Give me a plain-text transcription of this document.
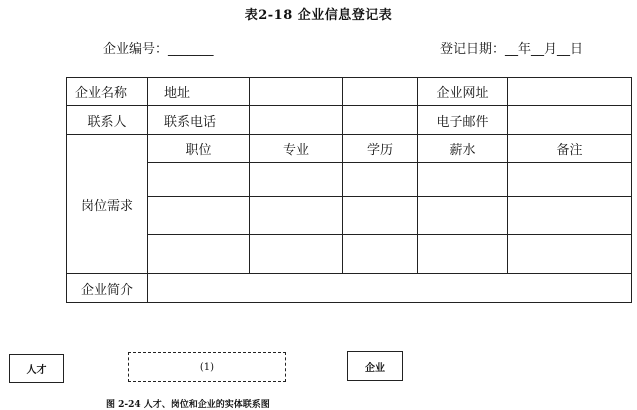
表2-18 企业信息登记表
企业编号：_______	登记日期：__年__月__日
企业名称	地址			企业网址	
联系人	联系电话			电子邮件	
岗位需求	职位	专业	学历	薪水	备注

企业简介					
人才	(1)	企业
图 2-24 人才、岗位和企业的实体联系图
